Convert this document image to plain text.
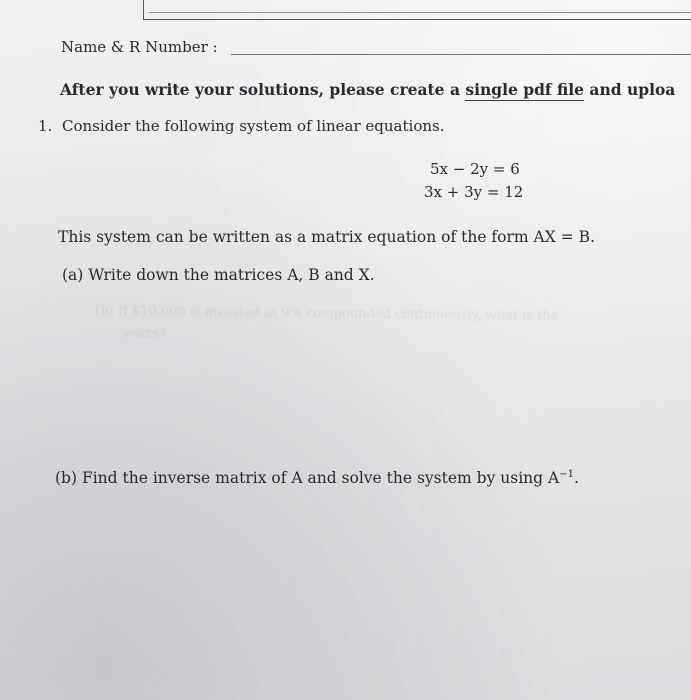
Name & R Number :
After you write your solutions, please create a single pdf file and uploa
1. Consider the following system of linear equations.
5x − 2y = 6
3x + 3y = 12
This system can be written as a matrix equation of the form AX = B.
(a) Write down the matrices A, B and X.
(b) If $10,000 is invested at 9% compounded continuously, what is the
years?
(b) Find the inverse matrix of A and solve the system by using $A^{-1}$.
